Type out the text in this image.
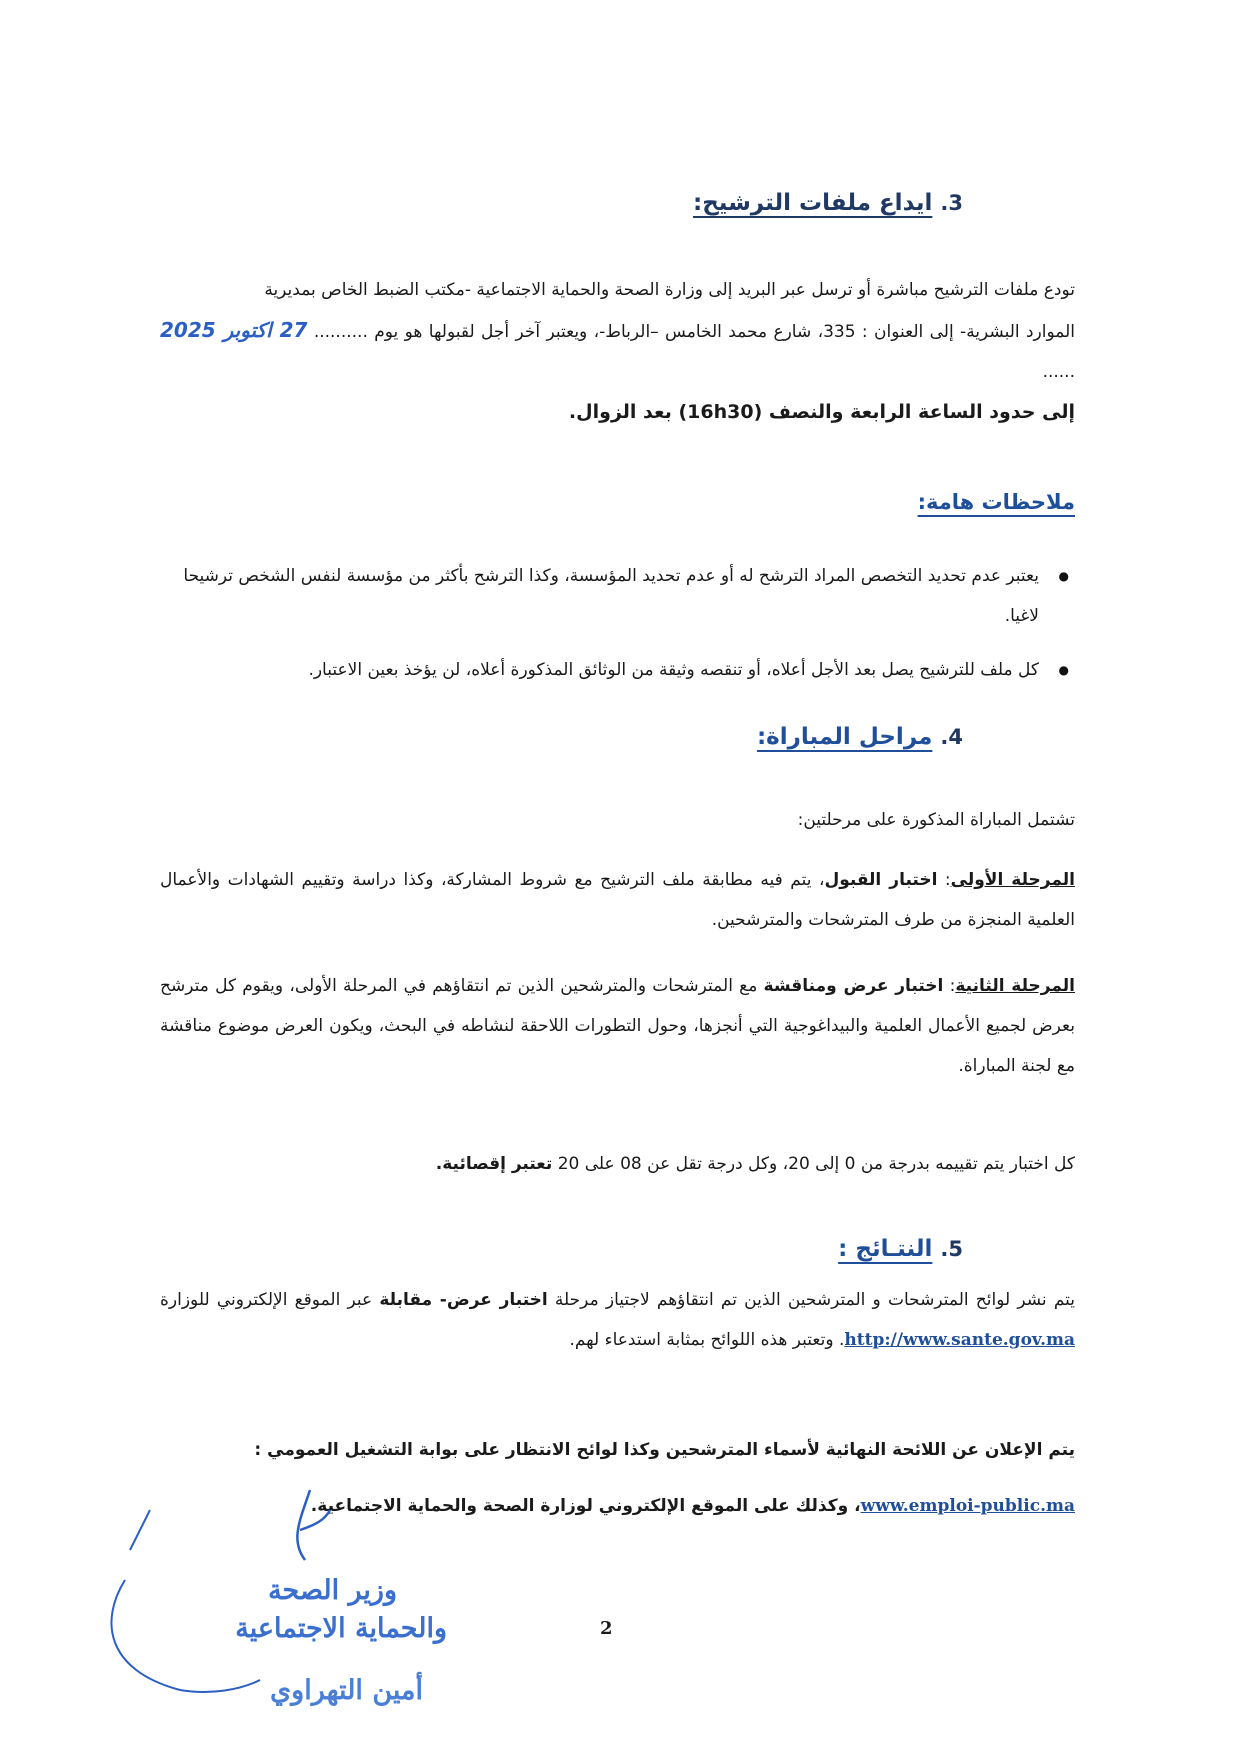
3. ايداع ملفات الترشيح:
تودع ملفات الترشيح مباشرة أو ترسل عبر البريد إلى وزارة الصحة والحماية الاجتماعية -مكتب الضبط الخاص بمديرية
الموارد البشرية- إلى العنوان : 335، شارع محمد الخامس –الرباط-، ويعتبر آخر أجل لقبولها هو يوم .......... 27 اكتوبر 2025 ......
إلى حدود الساعة الرابعة والنصف (16h30) بعد الزوال.
ملاحظات هامة:
● يعتبر عدم تحديد التخصص المراد الترشح له أو عدم تحديد المؤسسة، وكذا الترشح بأكثر من مؤسسة لنفس الشخص ترشيحا لاغيا.
● كل ملف للترشيح يصل بعد الأجل أعلاه، أو تنقصه وثيقة من الوثائق المذكورة أعلاه، لن يؤخذ بعين الاعتبار.
4. مراحل المباراة:
تشتمل المباراة المذكورة على مرحلتين:
المرحلة الأولى: اختبار القبول، يتم فيه مطابقة ملف الترشيح مع شروط المشاركة، وكذا دراسة وتقييم الشهادات والأعمال العلمية المنجزة من طرف المترشحات والمترشحين.
المرحلة الثانية: اختبار عرض ومناقشة مع المترشحات والمترشحين الذين تم انتقاؤهم في المرحلة الأولى، ويقوم كل مترشح بعرض لجميع الأعمال العلمية والبيداغوجية التي أنجزها، وحول التطورات اللاحقة لنشاطه في البحث، ويكون العرض موضوع مناقشة مع لجنة المباراة.
كل اختبار يتم تقييمه بدرجة من 0 إلى 20، وكل درجة تقل عن 08 على 20 تعتبر إقصائية.
5. النتـائج :
يتم نشر لوائح المترشحات و المترشحين الذين تم انتقاؤهم لاجتياز مرحلة اختبار عرض- مقابلة عبر الموقع الإلكتروني للوزارة http://www.sante.gov.ma. وتعتبر هذه اللوائح بمثابة استدعاء لهم.
يتم الإعلان عن اللائحة النهائية لأسماء المترشحين وكذا لوائح الانتظار على بوابة التشغيل العمومي :
www.emploi-public.ma، وكذلك على الموقع الإلكتروني لوزارة الصحة والحماية الاجتماعية.
وزير الصحة
والحماية الاجتماعية
أمين التهراوي
2
